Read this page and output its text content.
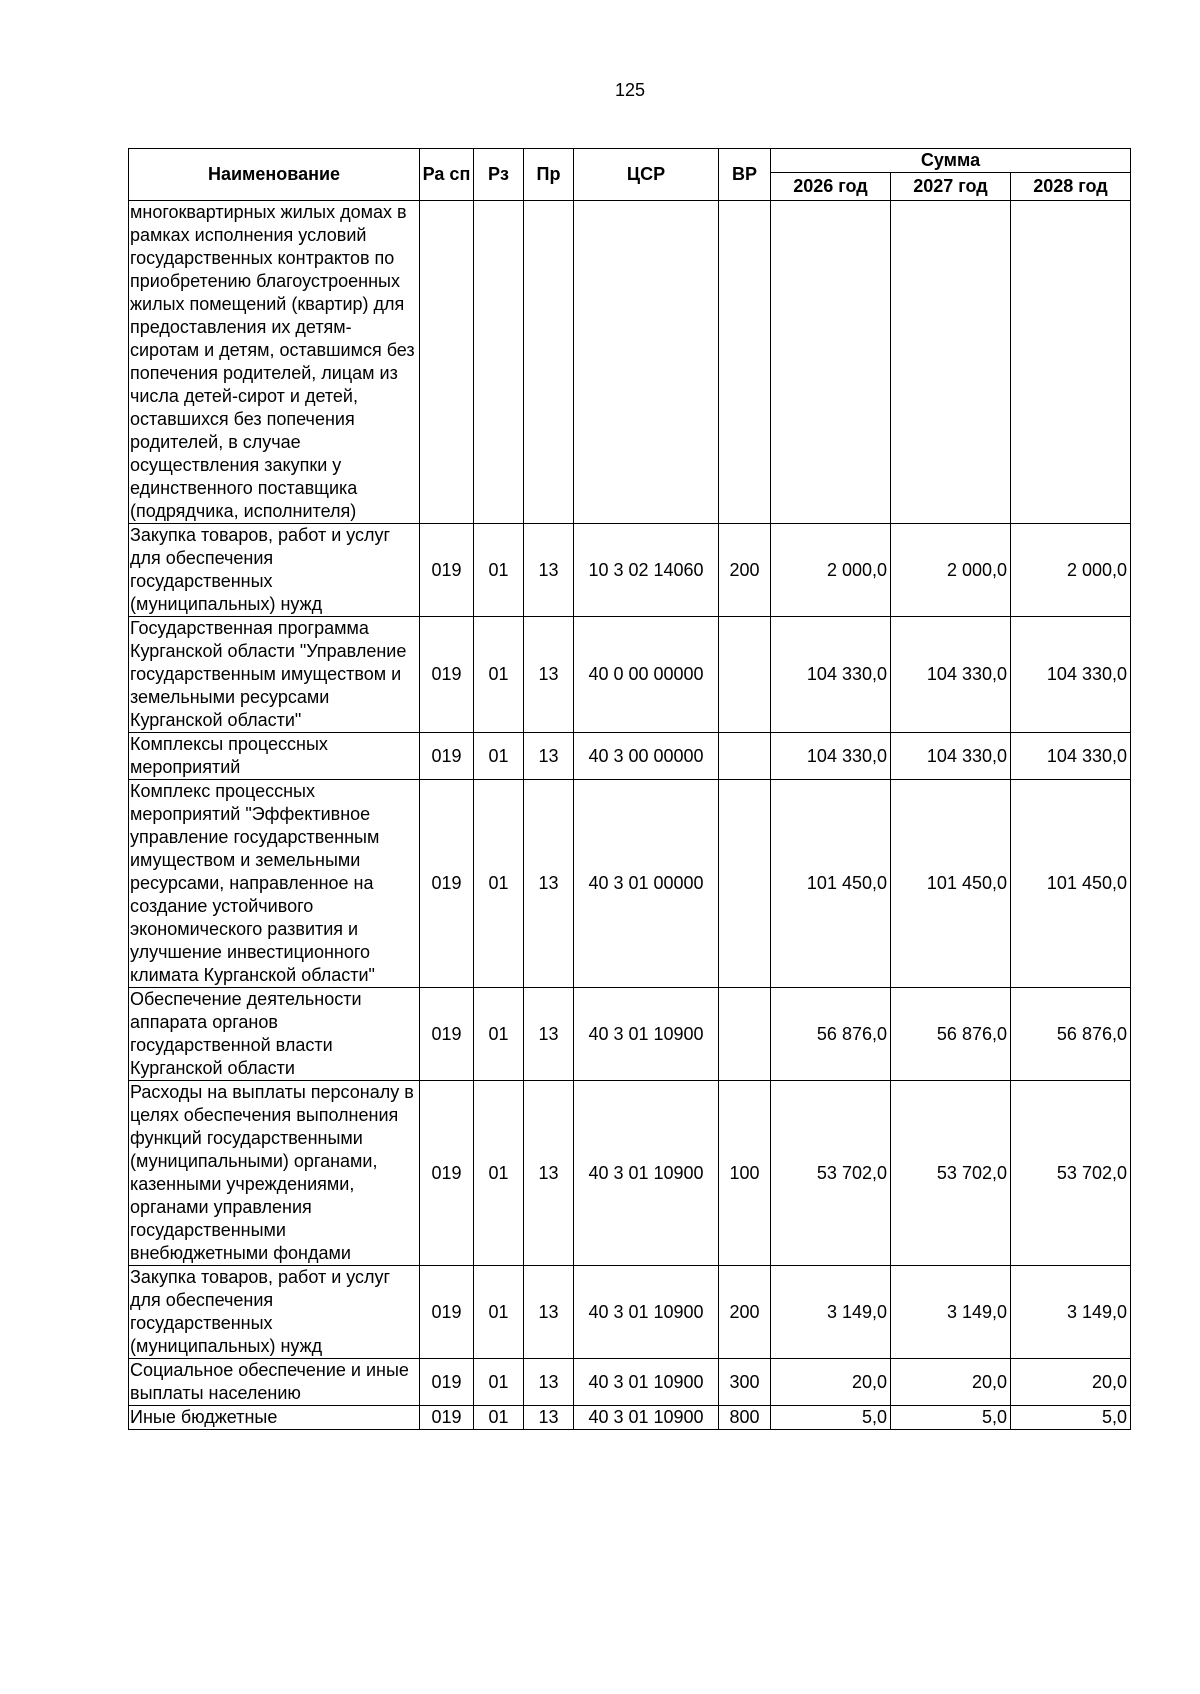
125
Наименование	Ра сп	Рз	Пр	ЦСР	ВР	Сумма		
						2026 год	2027 год	2028 год
многоквартирных жилых домах в рамках исполнения условий государственных контрактов по приобретению благоустроенных жилых помещений (квартир) для предоставления их детям-сиротам и детям, оставшимся без попечения родителей, лицам из числа детей-сирот и детей, оставшихся без попечения родителей, в случае осуществления закупки у единственного поставщика (подрядчика, исполнителя)								
Закупка товаров, работ и услуг для обеспечения государственных (муниципальных) нужд	019	01	13	10 3 02 14060	200	2 000,0	2 000,0	2 000,0
Государственная программа Курганской области "Управление государственным имуществом и земельными ресурсами Курганской области"	019	01	13	40 0 00 00000		104 330,0	104 330,0	104 330,0
Комплексы процессных мероприятий	019	01	13	40 3 00 00000		104 330,0	104 330,0	104 330,0
Комплекс процессных мероприятий "Эффективное управление государственным имуществом и земельными ресурсами, направленное на создание устойчивого экономического развития и улучшение инвестиционного климата Курганской области"	019	01	13	40 3 01 00000		101 450,0	101 450,0	101 450,0
Обеспечение деятельности аппарата органов государственной власти Курганской области	019	01	13	40 3 01 10900		56 876,0	56 876,0	56 876,0
Расходы на выплаты персоналу в целях обеспечения выполнения функций государственными (муниципальными) органами, казенными учреждениями, органами управления государственными внебюджетными фондами	019	01	13	40 3 01 10900	100	53 702,0	53 702,0	53 702,0
Закупка товаров, работ и услуг для обеспечения государственных (муниципальных) нужд	019	01	13	40 3 01 10900	200	3 149,0	3 149,0	3 149,0
Социальное обеспечение и иные выплаты населению	019	01	13	40 3 01 10900	300	20,0	20,0	20,0
Иные бюджетные	019	01	13	40 3 01 10900	800	5,0	5,0	5,0
